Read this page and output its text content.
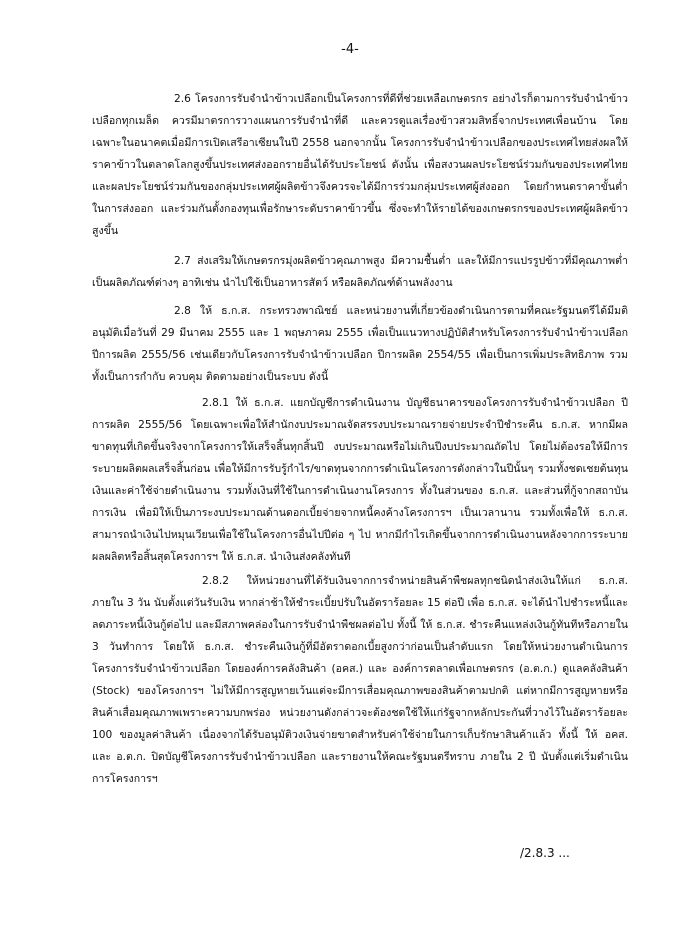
-4-
2.6 โครงการรับจำนำข้าวเปลือกเป็นโครงการที่ดีที่ช่วยเหลือเกษตรกร อย่างไรก็ตามการรับจำนำข้าวเปลือกทุกเมล็ด ควรมีมาตรการวางแผนการรับจำนำที่ดี และควรดูแลเรื่องข้าวสวมสิทธิ์จากประเทศเพื่อนบ้าน โดยเฉพาะในอนาคตเมื่อมีการเปิดเสรีอาเซียนในปี 2558 นอกจากนั้น โครงการรับจำนำข้าวเปลือกของประเทศไทยส่งผลให้ราคาข้าวในตลาดโลกสูงขึ้นประเทศส่งออกรายอื่นได้รับประโยชน์ ดังนั้น เพื่อสงวนผลประโยชน์ร่วมกันของประเทศไทยและผลประโยชน์ร่วมกันของกลุ่มประเทศผู้ผลิตข้าวจึงควรจะได้มีการร่วมกลุ่มประเทศผู้ส่งออก โดยกำหนดราคาขั้นต่ำในการส่งออก และร่วมกันตั้งกองทุนเพื่อรักษาระดับราคาข้าวขึ้น ซึ่งจะทำให้รายได้ของเกษตรกรของประเทศผู้ผลิตข้าวสูงขึ้น
2.7 ส่งเสริมให้เกษตรกรมุ่งผลิตข้าวคุณภาพสูง มีความชื้นต่ำ และให้มีการแปรรูปข้าวที่มีคุณภาพต่ำเป็นผลิตภัณฑ์ต่างๆ อาทิเช่น นำไปใช้เป็นอาหารสัตว์ หรือผลิตภัณฑ์ด้านพลังงาน
2.8 ให้ ธ.ก.ส. กระทรวงพาณิชย์ และหน่วยงานที่เกี่ยวข้องดำเนินการตามที่คณะรัฐมนตรีได้มีมติอนุมัติเมื่อวันที่ 29 มีนาคม 2555 และ 1 พฤษภาคม 2555 เพื่อเป็นแนวทางปฏิบัติสำหรับโครงการรับจำนำข้าวเปลือก ปีการผลิต 2555/56 เช่นเดียวกับโครงการรับจำนำข้าวเปลือก ปีการผลิต 2554/55 เพื่อเป็นการเพิ่มประสิทธิภาพ รวมทั้งเป็นการกำกับ ควบคุม ติดตามอย่างเป็นระบบ ดังนี้
2.8.1 ให้ ธ.ก.ส. แยกบัญชีการดำเนินงาน บัญชีธนาคารของโครงการรับจำนำข้าวเปลือก ปีการผลิต 2555/56 โดยเฉพาะเพื่อให้สำนักงบประมาณจัดสรรงบประมาณรายจ่ายประจำปีชำระคืน ธ.ก.ส. หากมีผลขาดทุนที่เกิดขึ้นจริงจากโครงการให้เสร็จสิ้นทุกสิ้นปี งบประมาณหรือไม่เกินปีงบประมาณถัดไป โดยไม่ต้องรอให้มีการระบายผลิตผลเสร็จสิ้นก่อน เพื่อให้มีการรับรู้กำไร/ขาดทุนจากการดำเนินโครงการดังกล่าวในปีนั้นๆ รวมทั้งชดเชยต้นทุนเงินและค่าใช้จ่ายดำเนินงาน รวมทั้งเงินที่ใช้ในการดำเนินงานโครงการ ทั้งในส่วนของ ธ.ก.ส. และส่วนที่กู้จากสถาบันการเงิน เพื่อมิให้เป็นภาระงบประมาณด้านดอกเบี้ยจ่ายจากหนี้คงค้างโครงการฯ เป็นเวลานาน รวมทั้งเพื่อให้ ธ.ก.ส. สามารถนำเงินไปหมุนเวียนเพื่อใช้ในโครงการอื่นไปปีต่อ ๆ ไป หากมีกำไรเกิดขึ้นจากการดำเนินงานหลังจากการระบายผลผลิตหรือสิ้นสุดโครงการฯ ให้ ธ.ก.ส. นำเงินส่งคลังทันที
2.8.2 ให้หน่วยงานที่ได้รับเงินจากการจำหน่ายสินค้าพืชผลทุกชนิดนำส่งเงินให้แก่ ธ.ก.ส. ภายใน 3 วัน นับตั้งแต่วันรับเงิน หากล่าช้าให้ชำระเบี้ยปรับในอัตราร้อยละ 15 ต่อปี เพื่อ ธ.ก.ส. จะได้นำไปชำระหนี้และลดภาระหนี้เงินกู้ต่อไป และมีสภาพคล่องในการรับจำนำพืชผลต่อไป ทั้งนี้ ให้ ธ.ก.ส. ชำระคืนแหล่งเงินกู้ทันทีหรือภายใน 3 วันทำการ โดยให้ ธ.ก.ส. ชำระคืนเงินกู้ที่มีอัตราดอกเบี้ยสูงกว่าก่อนเป็นลำดับแรก โดยให้หน่วยงานดำเนินการโครงการรับจำนำข้าวเปลือก โดยองค์การคลังสินค้า (อคส.) และ องค์การตลาดเพื่อเกษตรกร (อ.ต.ก.) ดูแลคลังสินค้า (Stock) ของโครงการฯ ไม่ให้มีการสูญหายเว้นแต่จะมีการเสื่อมคุณภาพของสินค้าตามปกติ แต่หากมีการสูญหายหรือสินค้าเสื่อมคุณภาพเพราะความบกพร่อง หน่วยงานดังกล่าวจะต้องชดใช้ให้แก่รัฐจากหลักประกันที่วางไว้ในอัตราร้อยละ 100 ของมูลค่าสินค้า เนื่องจากได้รับอนุมัติวงเงินจ่ายขาดสำหรับค่าใช้จ่ายในการเก็บรักษาสินค้าแล้ว ทั้งนี้ ให้ อคส. และ อ.ต.ก. ปิดบัญชีโครงการรับจำนำข้าวเปลือก และรายงานให้คณะรัฐมนตรีทราบ ภายใน 2 ปี นับตั้งแต่เริ่มดำเนินการโครงการฯ
/2.8.3 ...
